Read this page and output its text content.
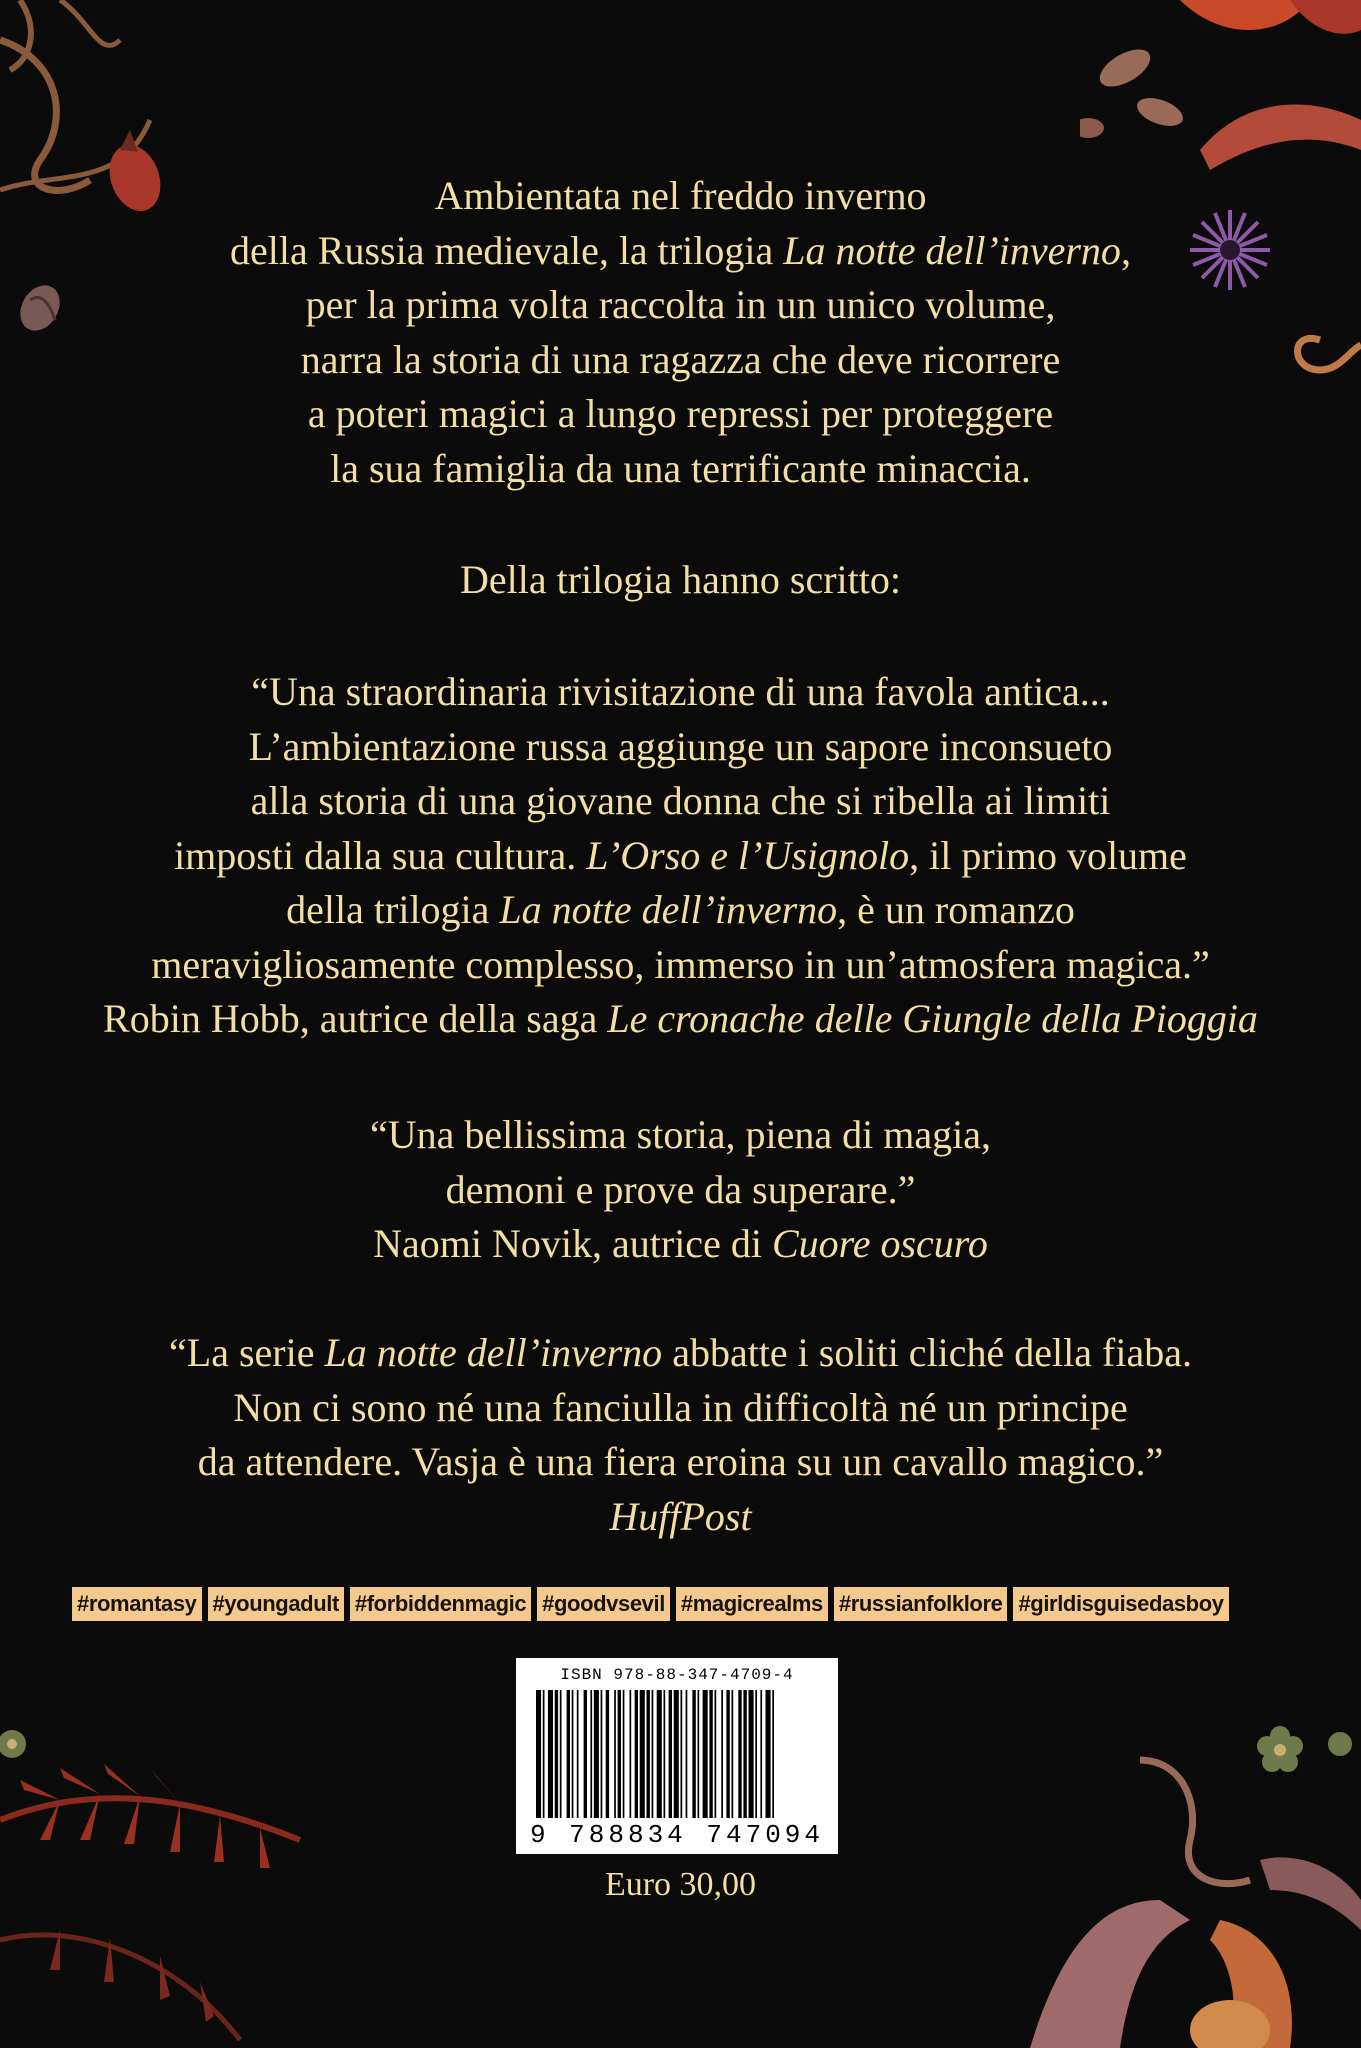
Ambientata nel freddo inverno
della Russia medievale, la trilogia La notte dell’inverno,
per la prima volta raccolta in un unico volume,
narra la storia di una ragazza che deve ricorrere
a poteri magici a lungo repressi per proteggere
la sua famiglia da una terrificante minaccia.
Della trilogia hanno scritto:
“Una straordinaria rivisitazione di una favola antica...
L’ambientazione russa aggiunge un sapore inconsueto
alla storia di una giovane donna che si ribella ai limiti
imposti dalla sua cultura. L’Orso e l’Usignolo, il primo volume
della trilogia La notte dell’inverno, è un romanzo
meravigliosamente complesso, immerso in un’atmosfera magica.”
Robin Hobb, autrice della saga Le cronache delle Giungle della Pioggia
“Una bellissima storia, piena di magia,
demoni e prove da superare.”
Naomi Novik, autrice di Cuore oscuro
“La serie La notte dell’inverno abbatte i soliti cliché della fiaba.
Non ci sono né una fanciulla in difficoltà né un principe
da attendere. Vasja è una fiera eroina su un cavallo magico.”
HuffPost
#romantasy #youngadult #forbiddenmagic #goodvsevil #magicrealms #russianfolklore #girldisguisedasboy
ISBN 978-88-347-4709-4
9 788834 747094
Euro 30,00
